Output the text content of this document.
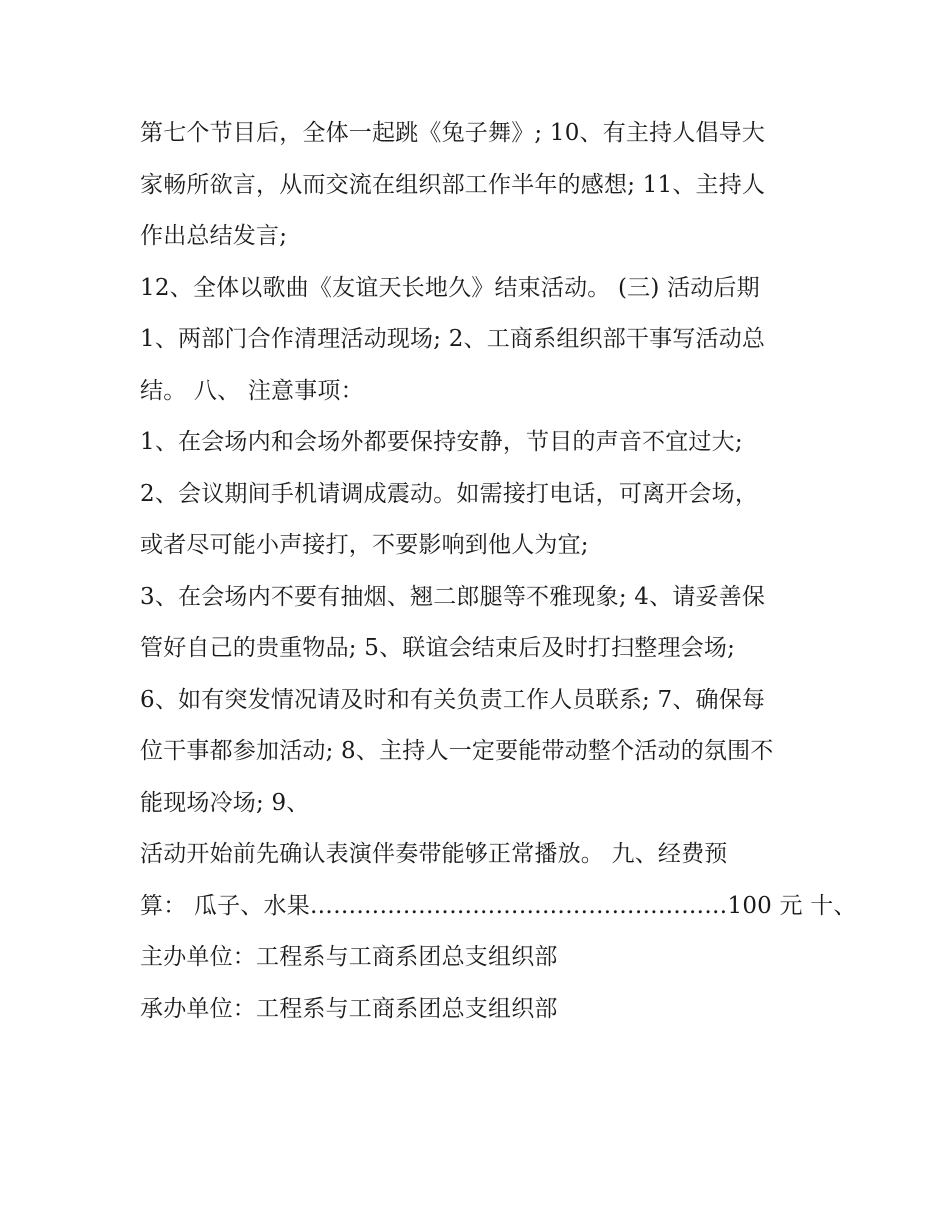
第七个节目后，全体一起跳《兔子舞》; 10、有主持人倡导大
家畅所欲言，从而交流在组织部工作半年的感想; 11、主持人
作出总结发言;
12、全体以歌曲《友谊天长地久》结束活动。 (三) 活动后期
1、两部门合作清理活动现场; 2、工商系组织部干事写活动总
结。 八、 注意事项：
1、在会场内和会场外都要保持安静，节目的声音不宜过大;
2、会议期间手机请调成震动。如需接打电话，可离开会场，
或者尽可能小声接打，不要影响到他人为宜;
3、在会场内不要有抽烟、翘二郎腿等不雅现象; 4、请妥善保
管好自己的贵重物品; 5、联谊会结束后及时打扫整理会场;
6、如有突发情况请及时和有关负责工作人员联系; 7、确保每
位干事都参加活动; 8、主持人一定要能带动整个活动的氛围不
能现场冷场; 9、
活动开始前先确认表演伴奏带能够正常播放。 九、经费预
算： 瓜子、水果………………………………………………100 元 十、
主办单位：工程系与工商系团总支组织部
承办单位：工程系与工商系团总支组织部
